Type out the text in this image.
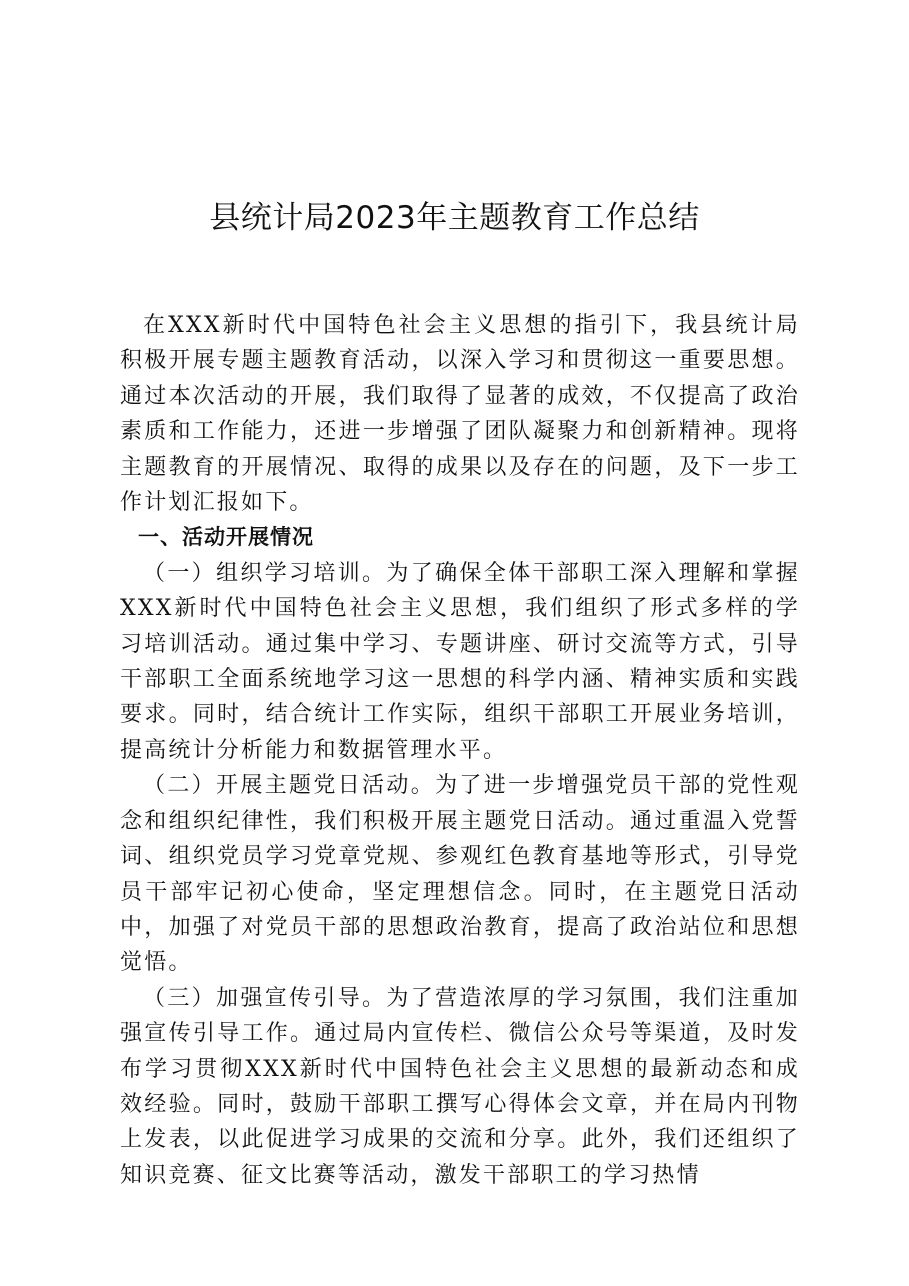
县统计局2023年主题教育工作总结

在XXX新时代中国特色社会主义思想的指引下，我县统计局积极开展专题主题教育活动，以深入学习和贯彻这一重要思想。通过本次活动的开展，我们取得了显著的成效，不仅提高了政治素质和工作能力，还进一步增强了团队凝聚力和创新精神。现将主题教育的开展情况、取得的成果以及存在的问题，及下一步工作计划汇报如下。

一、活动开展情况

（一）组织学习培训。为了确保全体干部职工深入理解和掌握XXX新时代中国特色社会主义思想，我们组织了形式多样的学习培训活动。通过集中学习、专题讲座、研讨交流等方式，引导干部职工全面系统地学习这一思想的科学内涵、精神实质和实践要求。同时，结合统计工作实际，组织干部职工开展业务培训，提高统计分析能力和数据管理水平。

（二）开展主题党日活动。为了进一步增强党员干部的党性观念和组织纪律性，我们积极开展主题党日活动。通过重温入党誓词、组织党员学习党章党规、参观红色教育基地等形式，引导党员干部牢记初心使命，坚定理想信念。同时，在主题党日活动中，加强了对党员干部的思想政治教育，提高了政治站位和思想觉悟。

（三）加强宣传引导。为了营造浓厚的学习氛围，我们注重加强宣传引导工作。通过局内宣传栏、微信公众号等渠道，及时发布学习贯彻XXX新时代中国特色社会主义思想的最新动态和成效经验。同时，鼓励干部职工撰写心得体会文章，并在局内刊物上发表，以此促进学习成果的交流和分享。此外，我们还组织了知识竞赛、征文比赛等活动，激发干部职工的学习热情
